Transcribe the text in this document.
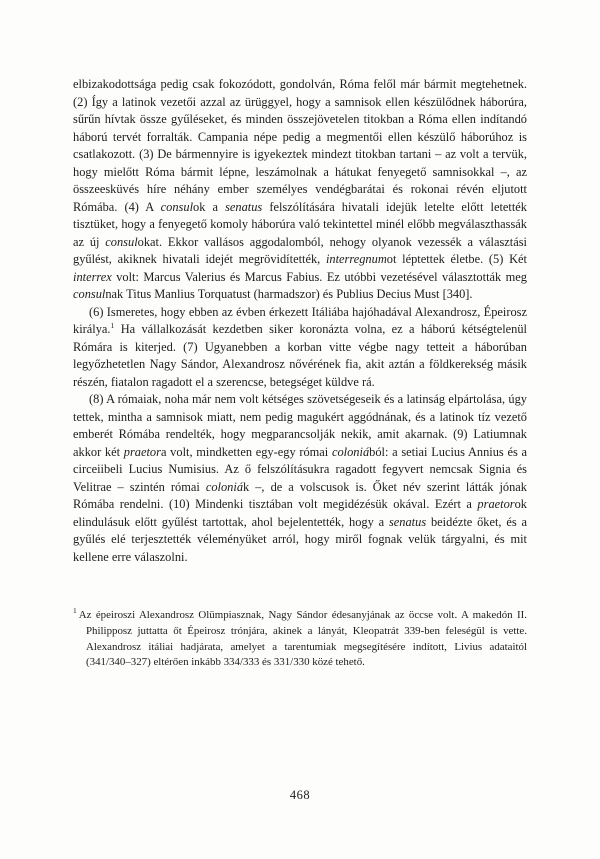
elbizakodottsága pedig csak fokozódott, gondolván, Róma felől már bármit megtehetnek. (2) Így a latinok vezetői azzal az ürüggyel, hogy a samnisok ellen készülődnek háborúra, sűrűn hívtak össze gyűléseket, és minden összejövetelen titokban a Róma ellen indítandó háború tervét forralták. Campania népe pedig a megmentői ellen készülő háborúhoz is csatlakozott. (3) De bármennyire is igyekeztek mindezt titokban tartani – az volt a tervük, hogy mielőtt Róma bármit lépne, leszámolnak a hátukat fenyegető samnisokkal –, az összeesküvés híre néhány ember személyes vendégbarátai és rokonai révén eljutott Rómába. (4) A consulok a senatus felszólítására hivatali idejük letelte előtt letették tisztüket, hogy a fenyegető komoly háborúra való tekintettel minél előbb megválaszthassák az új consulokat. Ekkor vallásos aggodalomból, nehogy olyanok vezessék a választási gyűlést, akiknek hivatali idejét megrövidítették, interregnumot léptettek életbe. (5) Két interrex volt: Marcus Valerius és Marcus Fabius. Ez utóbbi vezetésével választották meg consulnak Titus Manlius Torquatust (harmadszor) és Publius Decius Must [340].
(6) Ismeretes, hogy ebben az évben érkezett Itáliába hajóhadával Alexandrosz, Épeirosz királya.$^1$ Ha vállalkozását kezdetben siker koronázta volna, ez a háború kétségtelenül Rómára is kiterjed. (7) Ugyanebben a korban vitte végbe nagy tetteit a háborúban legyőzhetetlen Nagy Sándor, Alexandrosz nővérének fia, akit aztán a földkerekség másik részén, fiatalon ragadott el a szerencse, betegséget küldve rá.
(8) A rómaiak, noha már nem volt kétséges szövetségeseik és a latinság elpártolása, úgy tettek, mintha a samnisok miatt, nem pedig magukért aggódnának, és a latinok tíz vezető emberét Rómába rendelték, hogy megparancsolják nekik, amit akarnak. (9) Latiumnak akkor két praetora volt, mindketten egy-egy római coloniából: a setiai Lucius Annius és a circeiibeli Lucius Numisius. Az ő felszólításukra ragadott fegyvert nemcsak Signia és Velitrae – szintén római coloniák –, de a volscusok is. Őket név szerint látták jónak Rómába rendelni. (10) Mindenki tisztában volt megidézésük okával. Ezért a praetorok elindulásuk előtt gyűlést tartottak, ahol bejelentették, hogy a senatus beidézte őket, és a gyűlés elé terjesztették véleményüket arról, hogy miről fognak velük tárgyalni, és mit kellene erre válaszolni.
$^1$ Az épeiroszi Alexandrosz Olümpiasznak, Nagy Sándor édesanyjának az öccse volt. A makedón II. Philipposz juttatta őt Épeirosz trónjára, akinek a lányát, Kleopatrát 339-ben feleségül is vette. Alexandrosz itáliai hadjárata, amelyet a tarentumiak megsegítésére indított, Livius adataitól (341/340–327) eltérően inkább 334/333 és 331/330 közé tehető.
468
